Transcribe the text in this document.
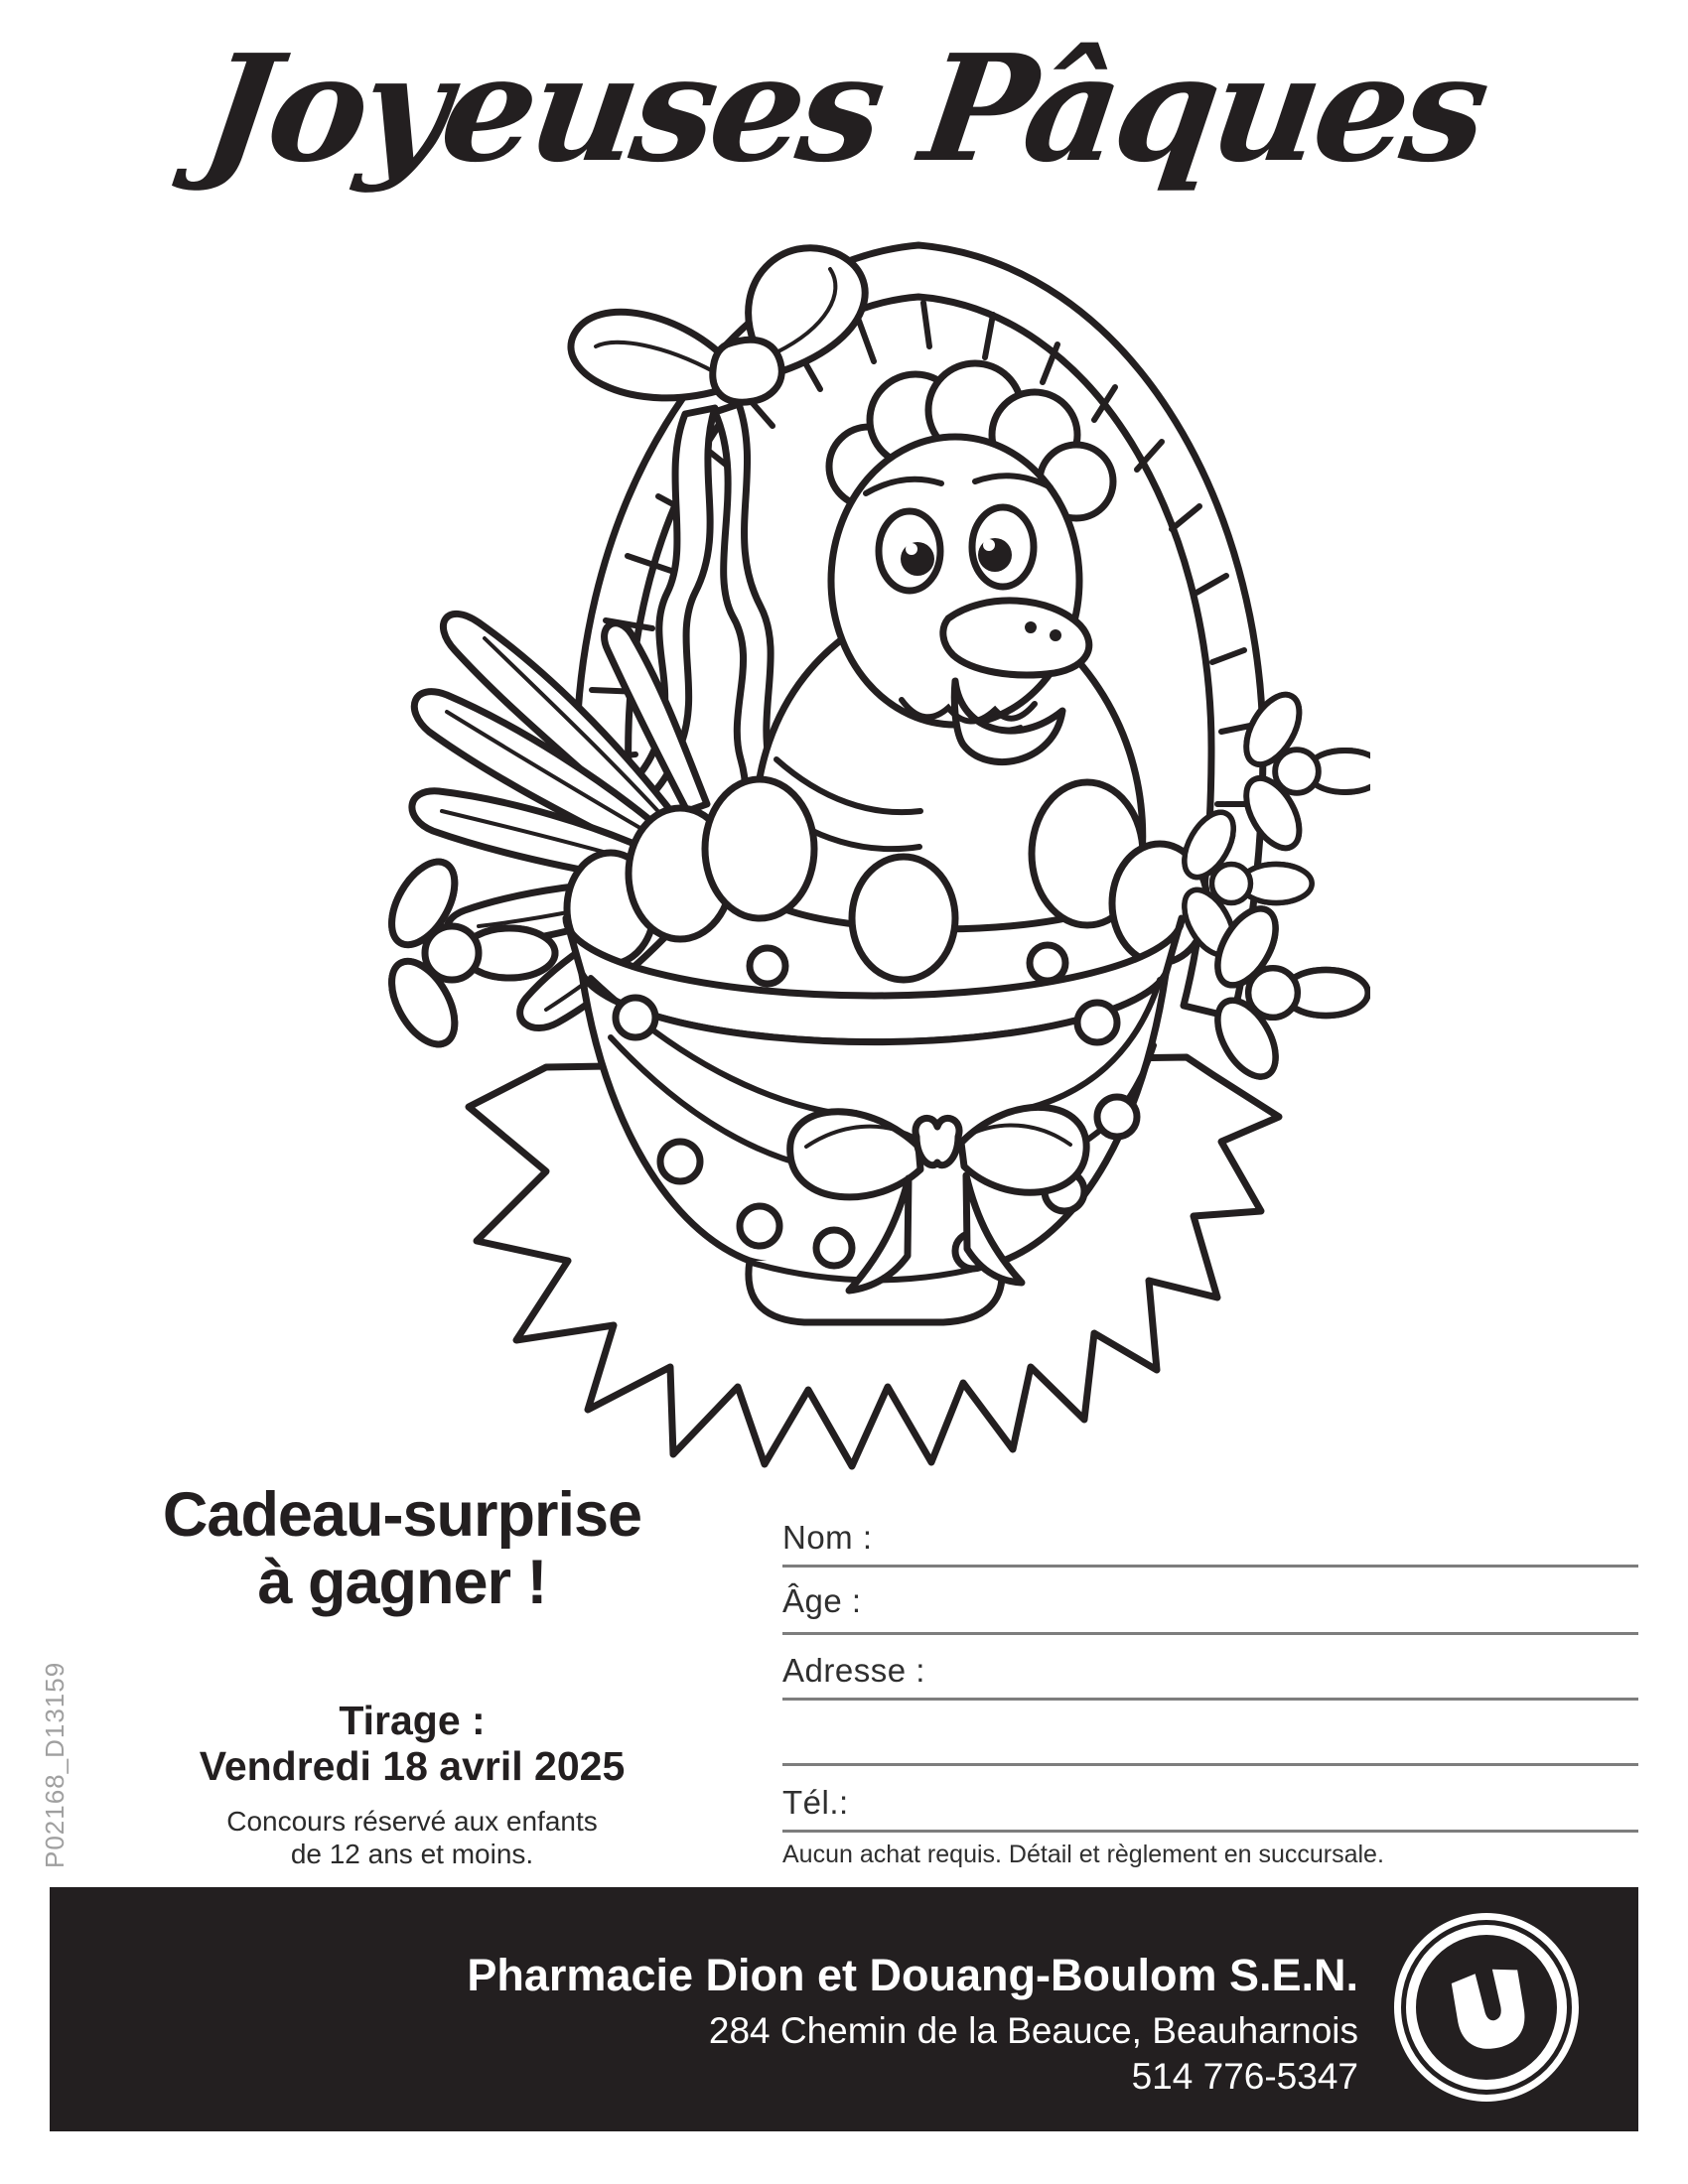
Joyeuses Pâques
Cadeau-surprise
à gagner !
Tirage :
Vendredi 18 avril 2025
Concours réservé aux enfants
de 12 ans et moins.
Nom :
Âge :
Adresse :
Tél.:
Aucun achat requis. Détail et règlement en succursale.
P02168_D13159
Pharmacie Dion et Douang-Boulom S.E.N.
284 Chemin de la Beauce, Beauharnois
514 776-5347
